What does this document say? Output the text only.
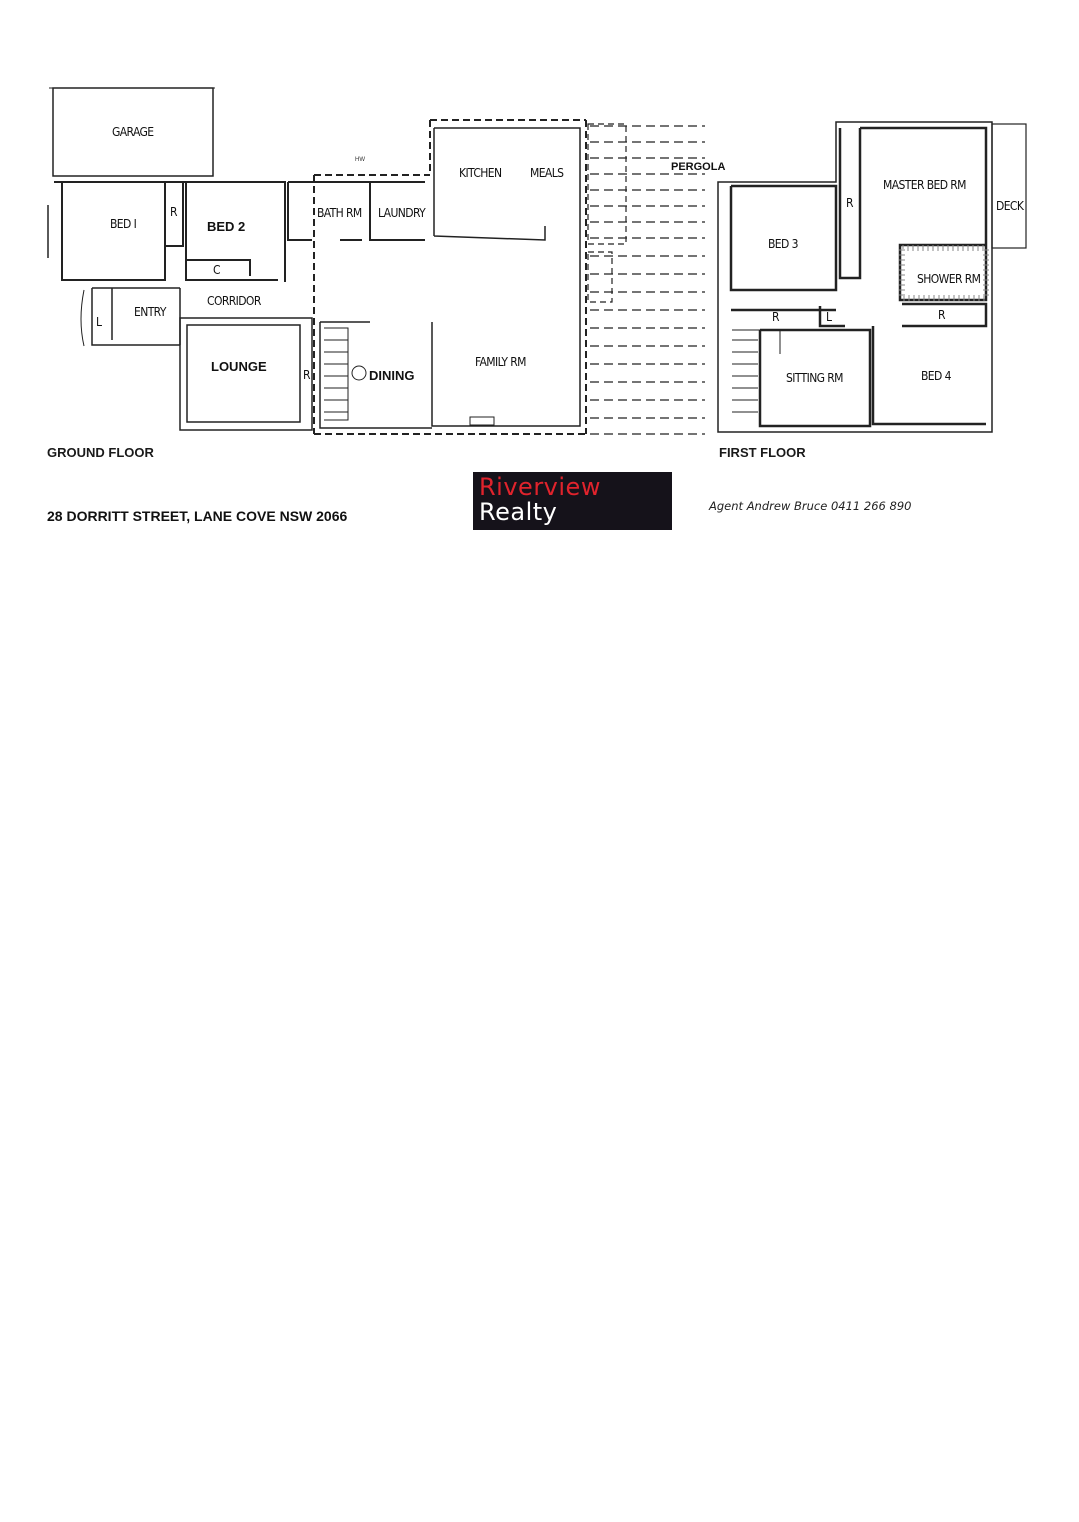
GARAGE
BED I
R
BED 2
C
BATH RM LAUNDRY
KITCHEN MEALS	PERGOLA
ENTRY
CORRIDOR
L
LOUNGE
R	DINING
FAMILY RM
HW
MASTER BED RM
R	DECK
BED 3
SHOWER RM
R	L	R
SITTING RM	BED 4
GROUND FLOOR	FIRST FLOOR
28 DORRITT STREET, LANE COVE NSW 2066
Riverview
Realty	Agent Andrew Bruce 0411 266 890
